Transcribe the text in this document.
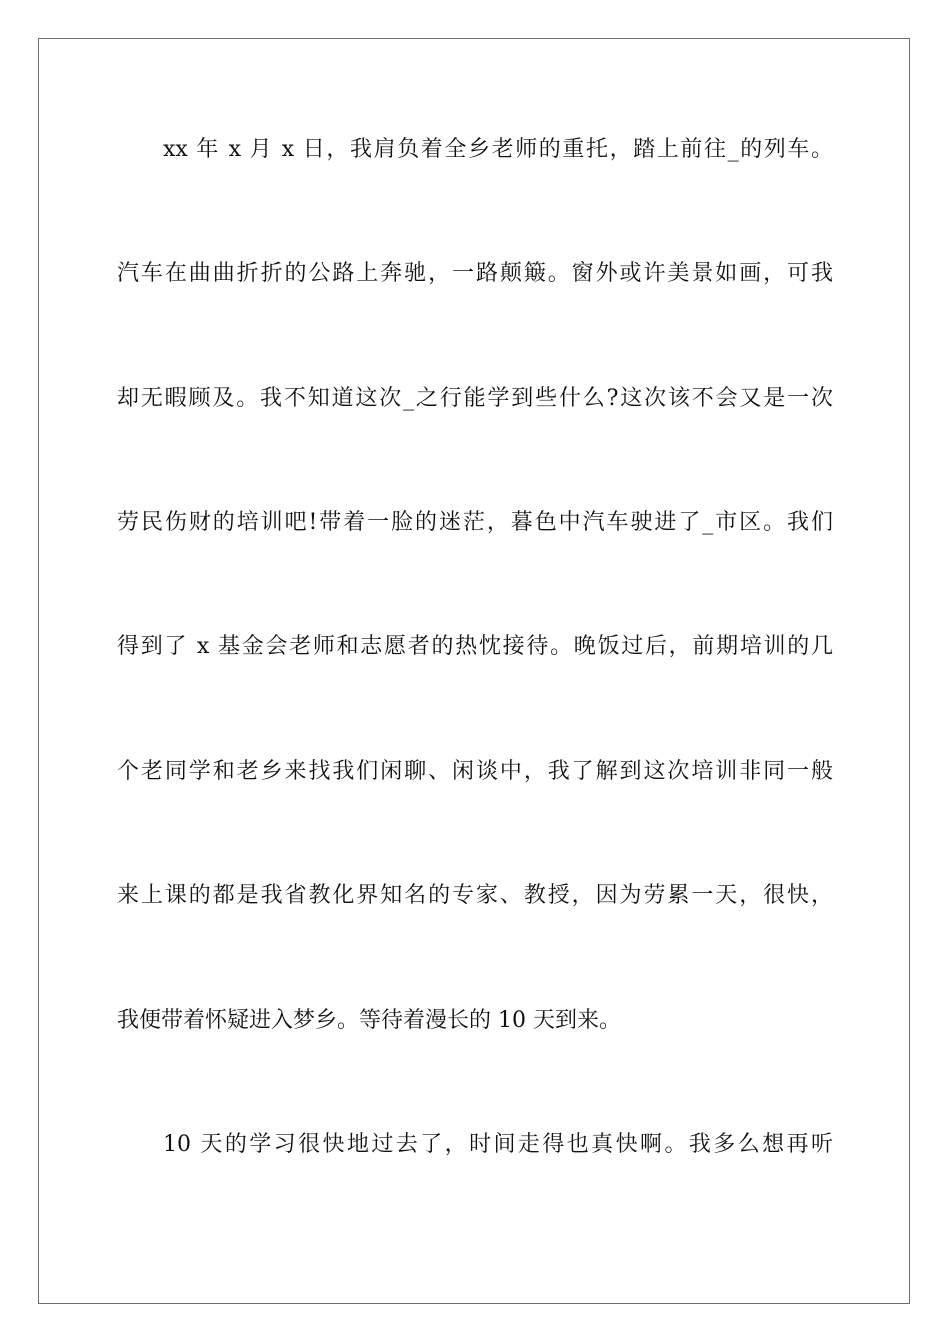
xx 年 x 月 x 日，我肩负着全乡老师的重托，踏上前往_的列车。
汽车在曲曲折折的公路上奔驰，一路颠簸。窗外或许美景如画，可我
却无暇顾及。我不知道这次_之行能学到些什么?这次该不会又是一次
劳民伤财的培训吧!带着一脸的迷茫，暮色中汽车驶进了_市区。我们
得到了 x 基金会老师和志愿者的热忱接待。晚饭过后，前期培训的几
个老同学和老乡来找我们闲聊、闲谈中，我了解到这次培训非同一般
来上课的都是我省教化界知名的专家、教授，因为劳累一天，很快，
我便带着怀疑进入梦乡。等待着漫长的 10 天到来。
10 天的学习很快地过去了，时间走得也真快啊。我多么想再听
